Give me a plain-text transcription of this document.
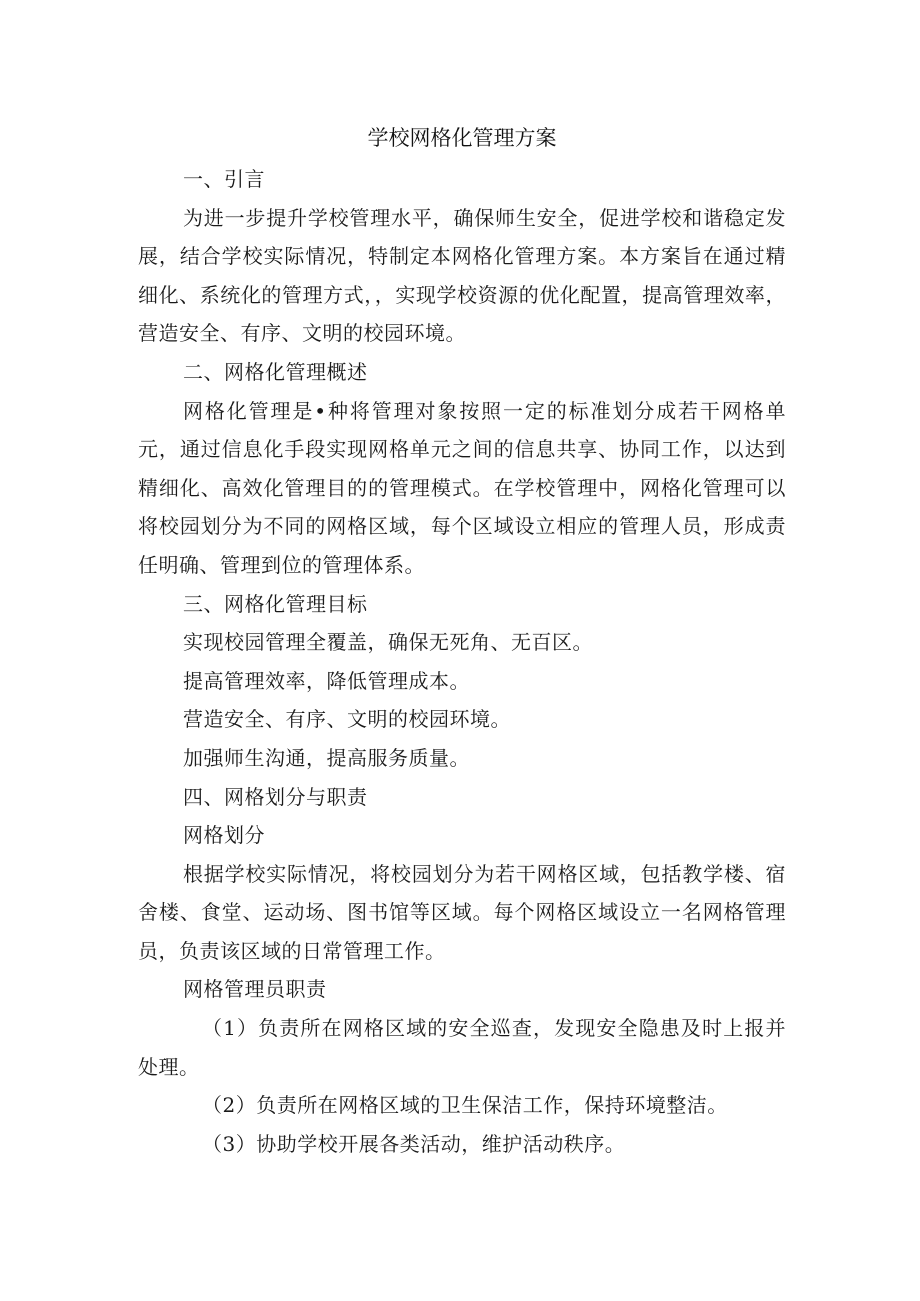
学校网格化管理方案

一、引言

为进一步提升学校管理水平，确保师生安全，促进学校和谐稳定发展，结合学校实际情况，特制定本网格化管理方案。本方案旨在通过精细化、系统化的管理方式，，实现学校资源的优化配置，提高管理效率，营造安全、有序、文明的校园环境。

二、网格化管理概述

网格化管理是•种将管理对象按照一定的标准划分成若干网格单元，通过信息化手段实现网格单元之间的信息共享、协同工作，以达到精细化、高效化管理目的的管理模式。在学校管理中，网格化管理可以将校园划分为不同的网格区域，每个区域设立相应的管理人员，形成责任明确、管理到位的管理体系。

三、网格化管理目标

实现校园管理全覆盖，确保无死角、无百区。

提高管理效率，降低管理成本。

营造安全、有序、文明的校园环境。

加强师生沟通，提高服务质量。

四、网格划分与职责

网格划分

根据学校实际情况，将校园划分为若干网格区域，包括教学楼、宿舍楼、食堂、运动场、图书馆等区域。每个网格区域设立一名网格管理员，负责该区域的日常管理工作。

网格管理员职责

（1）负责所在网格区域的安全巡查，发现安全隐患及时上报并处理。

（2）负责所在网格区域的卫生保洁工作，保持环境整洁。

（3）协助学校开展各类活动，维护活动秩序。
